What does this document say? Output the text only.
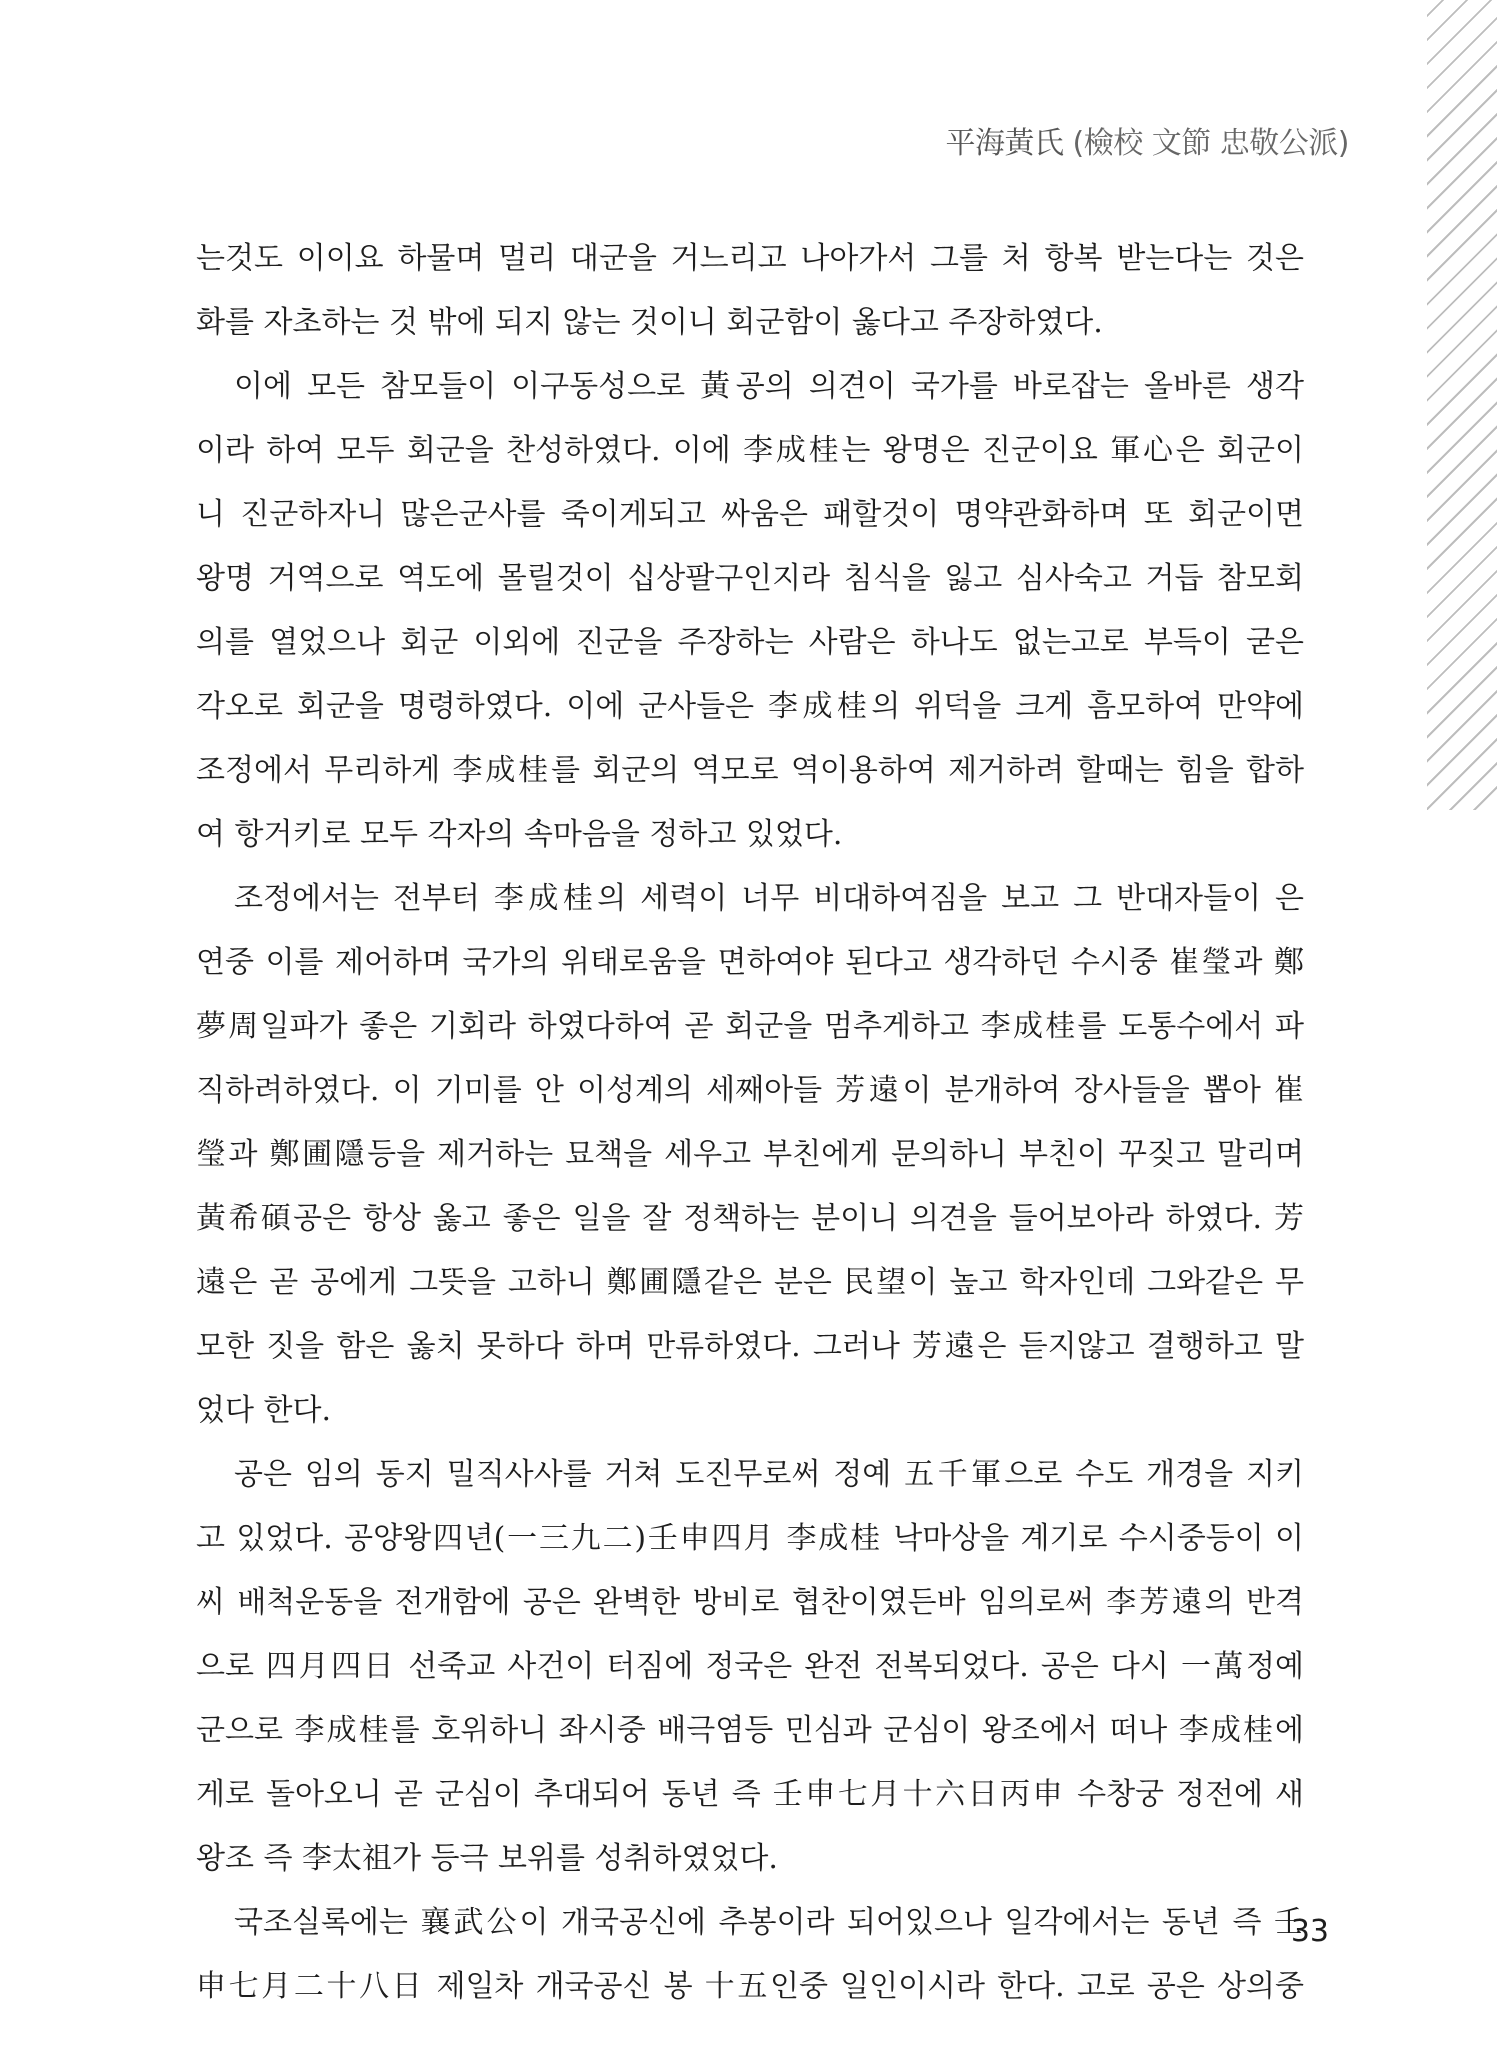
平海黃氏 (檢校 文節 忠敬公派)
는것도 이이요 하물며 멀리 대군을 거느리고 나아가서 그를 처 항복 받는다는 것은
화를 자초하는 것 밖에 되지 않는 것이니 회군함이 옳다고 주장하였다.
이에 모든 참모들이 이구동성으로 黃공의 의견이 국가를 바로잡는 올바른 생각
이라 하여 모두 회군을 찬성하였다. 이에 李成桂는 왕명은 진군이요 軍心은 회군이
니 진군하자니 많은군사를 죽이게되고 싸움은 패할것이 명약관화하며 또 회군이면
왕명 거역으로 역도에 몰릴것이 십상팔구인지라 침식을 잃고 심사숙고 거듭 참모회
의를 열었으나 회군 이외에 진군을 주장하는 사람은 하나도 없는고로 부득이 굳은
각오로 회군을 명령하였다. 이에 군사들은 李成桂의 위덕을 크게 흠모하여 만약에
조정에서 무리하게 李成桂를 회군의 역모로 역이용하여 제거하려 할때는 힘을 합하
여 항거키로 모두 각자의 속마음을 정하고 있었다.
조정에서는 전부터 李成桂의 세력이 너무 비대하여짐을 보고 그 반대자들이 은
연중 이를 제어하며 국가의 위태로움을 면하여야 된다고 생각하던 수시중 崔瑩과 鄭
夢周일파가 좋은 기회라 하였다하여 곧 회군을 멈추게하고 李成桂를 도통수에서 파
직하려하였다. 이 기미를 안 이성계의 세째아들 芳遠이 분개하여 장사들을 뽑아 崔
瑩과 鄭圃隱등을 제거하는 묘책을 세우고 부친에게 문의하니 부친이 꾸짖고 말리며
黃希碩공은 항상 옳고 좋은 일을 잘 정책하는 분이니 의견을 들어보아라 하였다. 芳
遠은 곧 공에게 그뜻을 고하니 鄭圃隱같은 분은 民望이 높고 학자인데 그와같은 무
모한 짓을 함은 옳치 못하다 하며 만류하였다. 그러나 芳遠은 듣지않고 결행하고 말
었다 한다.
공은 임의 동지 밀직사사를 거쳐 도진무로써 정예 五千軍으로 수도 개경을 지키
고 있었다. 공양왕四년(一三九二)壬申四月 李成桂 낙마상을 계기로 수시중등이 이
씨 배척운동을 전개함에 공은 완벽한 방비로 협찬이였든바 임의로써 李芳遠의 반격
으로 四月四日 선죽교 사건이 터짐에 정국은 완전 전복되었다. 공은 다시 一萬정예
군으로 李成桂를 호위하니 좌시중 배극염등 민심과 군심이 왕조에서 떠나 李成桂에
게로 돌아오니 곧 군심이 추대되어 동년 즉 壬申七月十六日丙申 수창궁 정전에 새
왕조 즉 李太祖가 등극 보위를 성취하였었다.
국조실록에는 襄武公이 개국공신에 추봉이라 되어있으나 일각에서는 동년 즉 壬
申七月二十八日 제일차 개국공신 봉 十五인중 일인이시라 한다. 고로 공은 상의중
33
